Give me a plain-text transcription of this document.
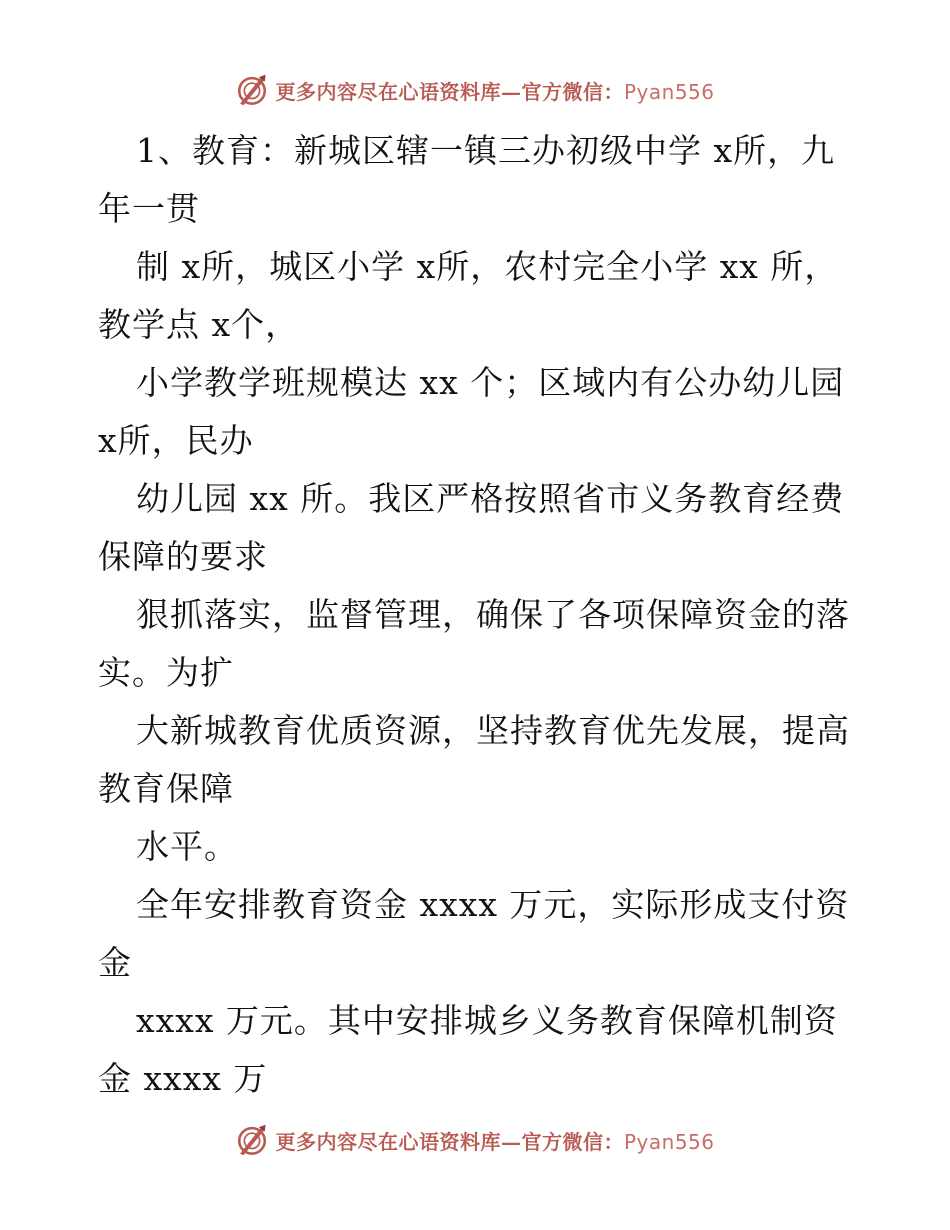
更多内容尽在心语资料库—官方微信：Pyan556
1、教育：新城区辖一镇三办初级中学 x所，九
年一贯
制 x所，城区小学 x所，农村完全小学 xx 所，
教学点 x个，
小学教学班规模达 xx 个；区域内有公办幼儿园
x所，民办
幼儿园 xx 所。我区严格按照省市义务教育经费
保障的要求
狠抓落实，监督管理，确保了各项保障资金的落
实。为扩
大新城教育优质资源，坚持教育优先发展，提高
教育保障
水平。
全年安排教育资金 xxxx 万元，实际形成支付资
金
xxxx 万元。其中安排城乡义务教育保障机制资
金 xxxx 万
更多内容尽在心语资料库—官方微信：Pyan556
